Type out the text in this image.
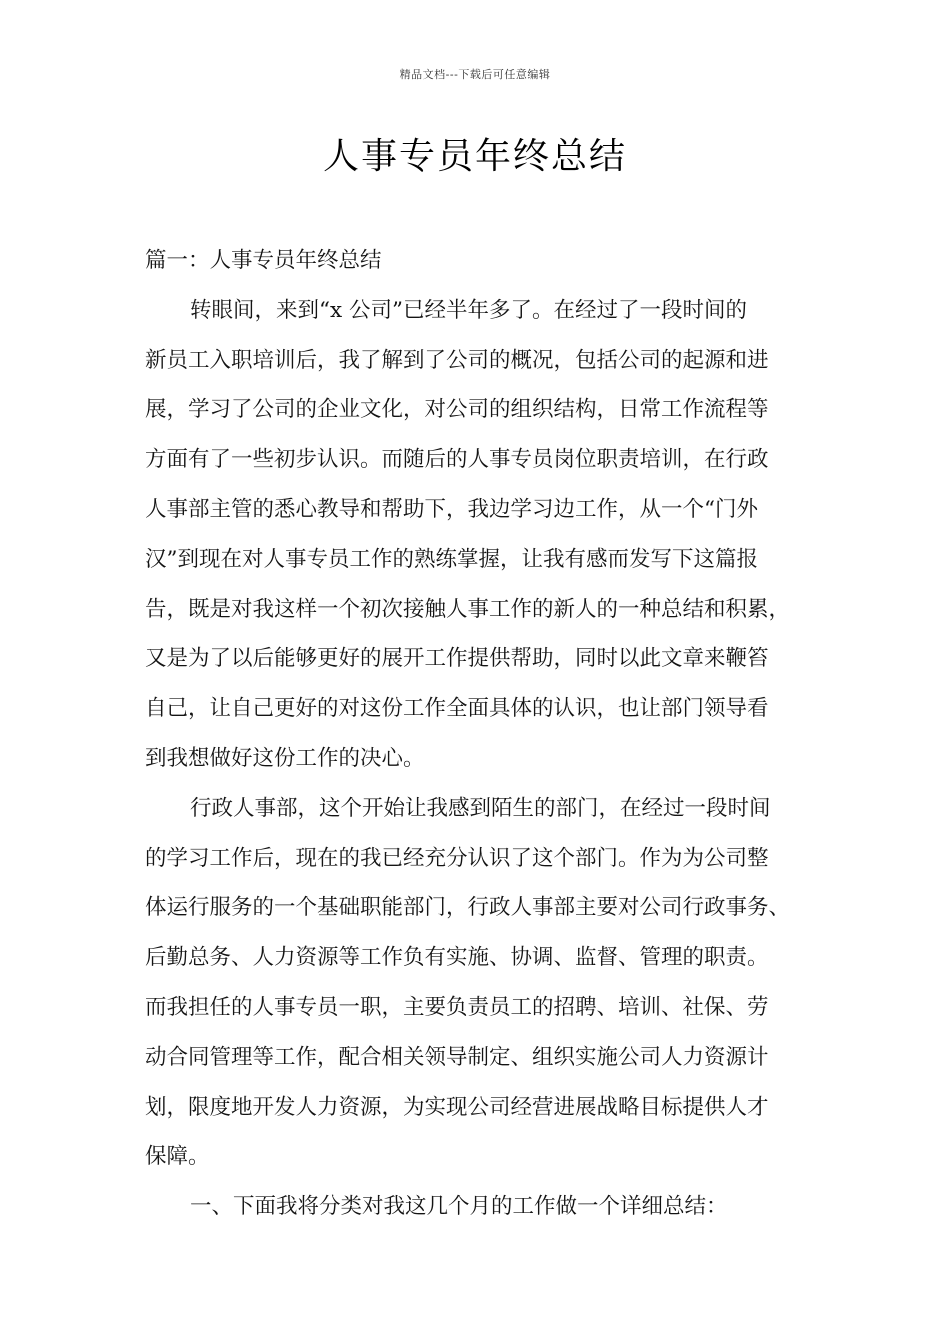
精品文档---下载后可任意编辑
人事专员年终总结

篇一：人事专员年终总结

转眼间，来到“x 公司”已经半年多了。在经过了一段时间的

新员工入职培训后，我了解到了公司的概况，包括公司的起源和进

展，学习了公司的企业文化，对公司的组织结构，日常工作流程等

方面有了一些初步认识。而随后的人事专员岗位职责培训，在行政

人事部主管的悉心教导和帮助下，我边学习边工作，从一个“门外

汉”到现在对人事专员工作的熟练掌握，让我有感而发写下这篇报

告，既是对我这样一个初次接触人事工作的新人的一种总结和积累，

又是为了以后能够更好的展开工作提供帮助，同时以此文章来鞭笞

自己，让自己更好的对这份工作全面具体的认识，也让部门领导看

到我想做好这份工作的决心。

行政人事部，这个开始让我感到陌生的部门，在经过一段时间

的学习工作后，现在的我已经充分认识了这个部门。作为为公司整

体运行服务的一个基础职能部门，行政人事部主要对公司行政事务、

后勤总务、人力资源等工作负有实施、协调、监督、管理的职责。

而我担任的人事专员一职，主要负责员工的招聘、培训、社保、劳

动合同管理等工作，配合相关领导制定、组织实施公司人力资源计

划，限度地开发人力资源，为实现公司经营进展战略目标提供人才

保障。

一、下面我将分类对我这几个月的工作做一个详细总结：
